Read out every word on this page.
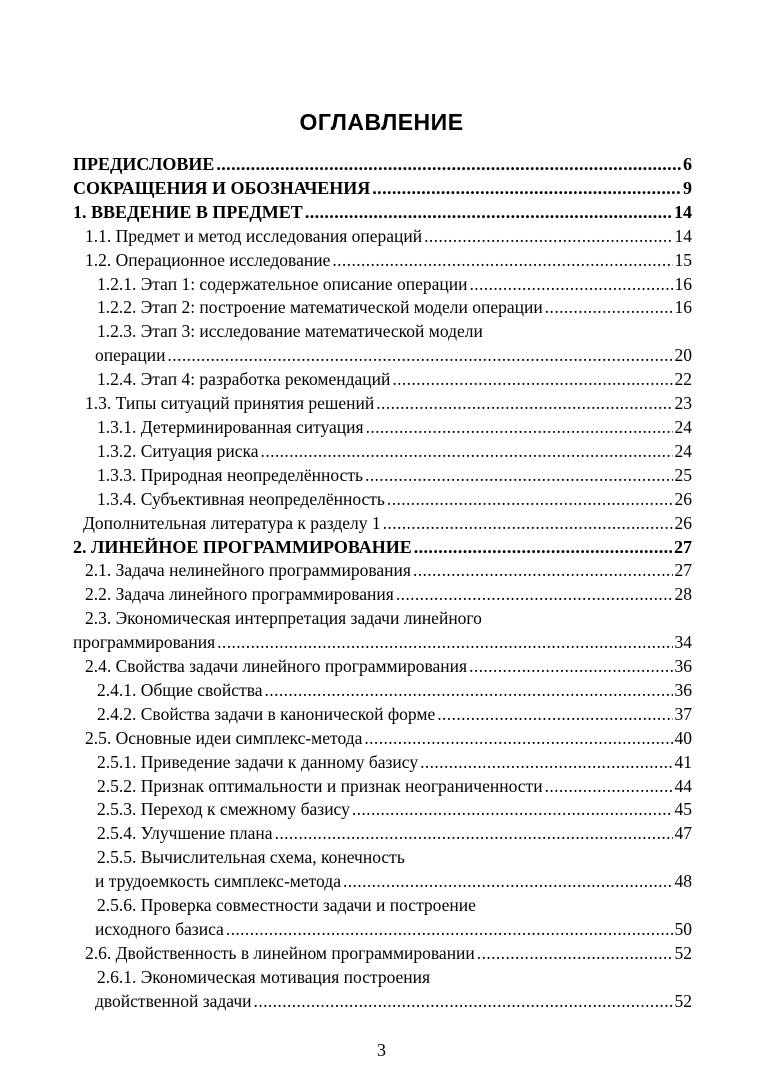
ОГЛАВЛЕНИЕ
ПРЕДИСЛОВИЕ .....	6
СОКРАЩЕНИЯ И ОБОЗНАЧЕНИЯ .....	9
1. ВВЕДЕНИЕ В ПРЕДМЕТ .....	14
1.1. Предмет и метод исследования операций .....	14
1.2. Операционное исследование .....	15
1.2.1. Этап 1: содержательное описание операции .....	16
1.2.2. Этап 2: построение математической модели операции .....	16
1.2.3. Этап 3: исследование математической модели
операции .....	20
1.2.4. Этап 4: разработка рекомендаций .....	22
1.3. Типы ситуаций принятия решений .....	23
1.3.1. Детерминированная ситуация .....	24
1.3.2. Ситуация риска .....	24
1.3.3. Природная неопределённость .....	25
1.3.4. Субъективная неопределённость .....	26
Дополнительная литература к разделу 1 .....	26
2. ЛИНЕЙНОЕ ПРОГРАММИРОВАНИЕ .....	27
2.1. Задача нелинейного программирования .....	27
2.2. Задача линейного программирования .....	28
2.3. Экономическая интерпретация задачи линейного
программирования .....	34
2.4. Свойства задачи линейного программирования .....	36
2.4.1. Общие свойства .....	36
2.4.2. Свойства задачи в канонической форме .....	37
2.5. Основные идеи симплекс-метода .....	40
2.5.1. Приведение задачи к данному базису .....	41
2.5.2. Признак оптимальности и признак неограниченности .....	44
2.5.3. Переход к смежному базису .....	45
2.5.4. Улучшение плана .....	47
2.5.5. Вычислительная схема, конечность
и трудоемкость симплекс-метода .....	48
2.5.6. Проверка совместности задачи и построение
исходного базиса .....	50
2.6. Двойственность в линейном программировании .....	52
2.6.1. Экономическая мотивация построения
двойственной задачи .....	52
3
